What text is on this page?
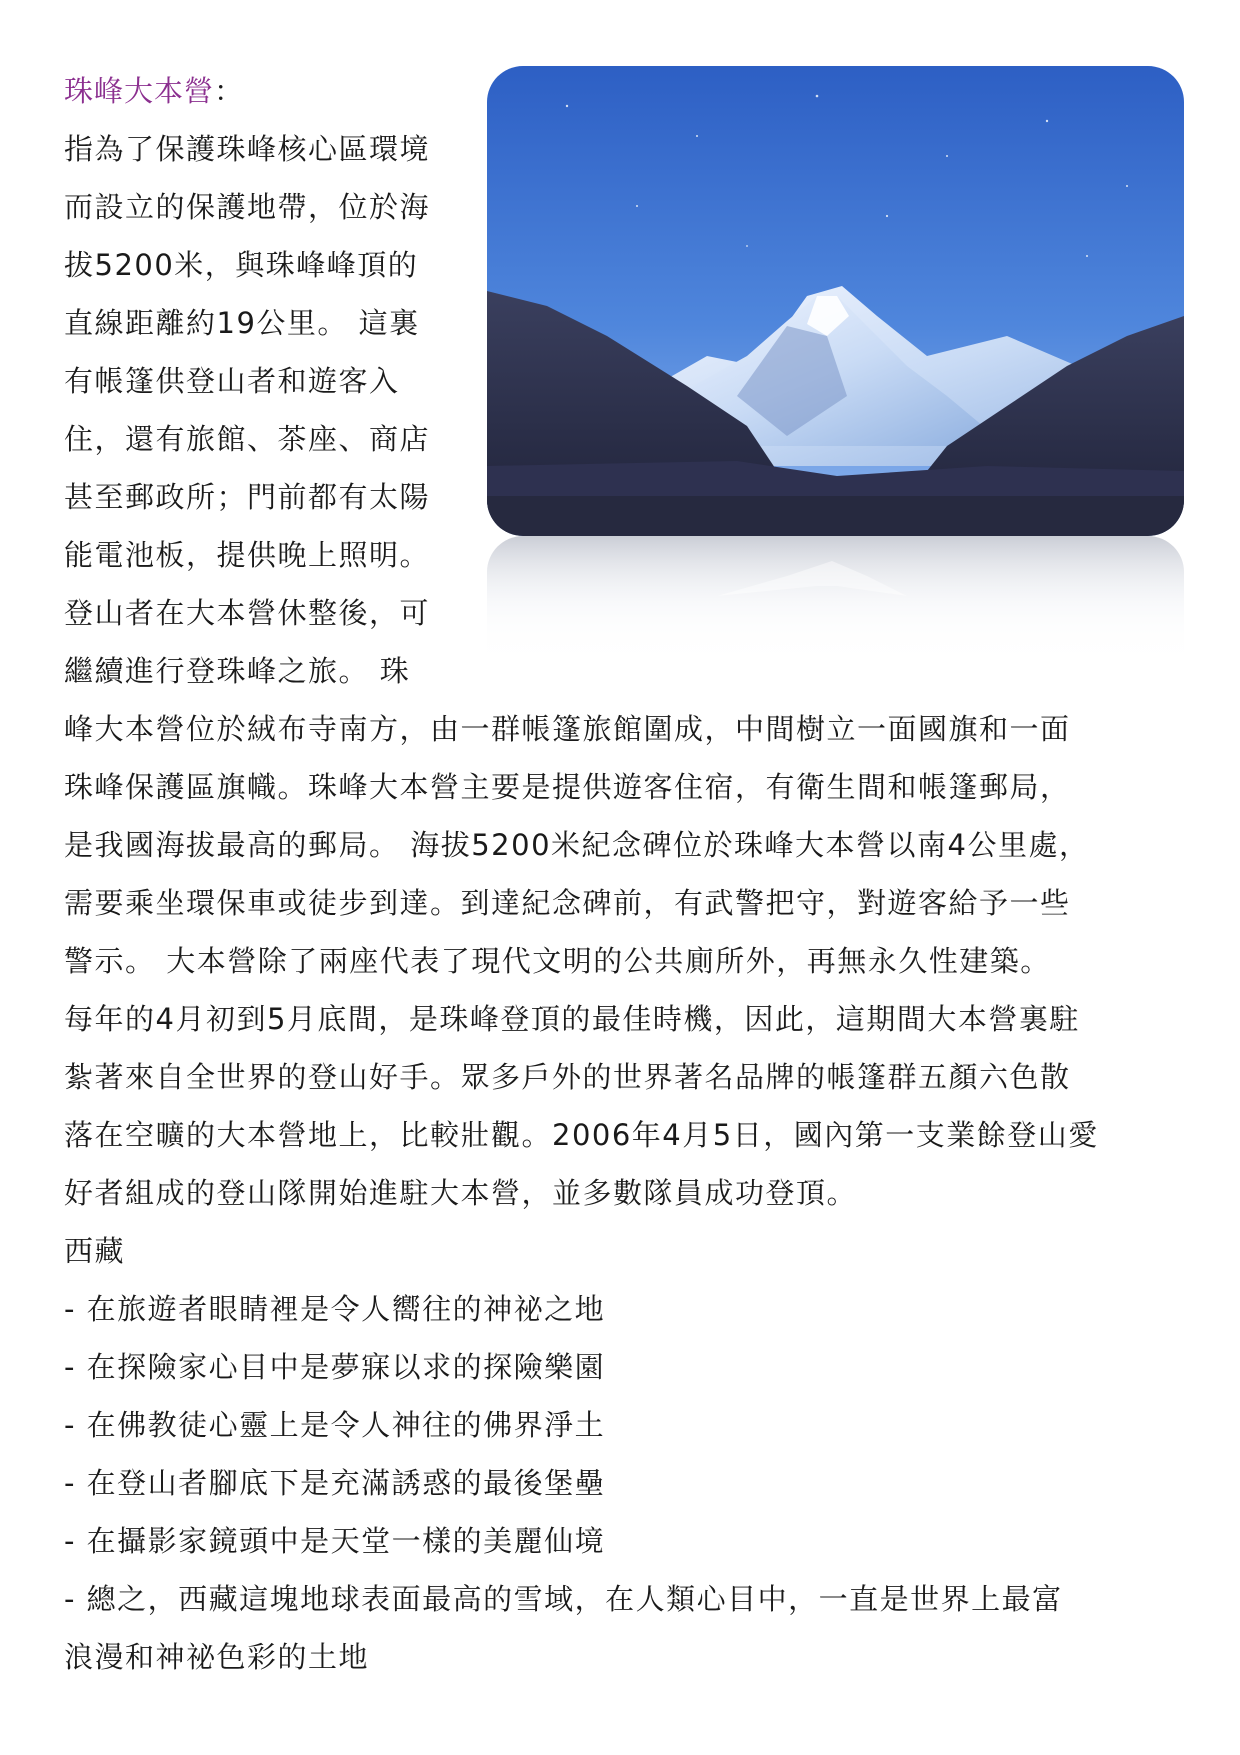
珠峰大本營：
指為了保護珠峰核心區環境
而設立的保護地帶，位於海
拔5200米，與珠峰峰頂的
直線距離約19公里。 這裏
有帳篷供登山者和遊客入
住，還有旅館、茶座、商店
甚至郵政所；門前都有太陽
能電池板，提供晚上照明。
登山者在大本營休整後，可
繼續進行登珠峰之旅。 珠
峰大本營位於絨布寺南方，由一群帳篷旅館圍成，中間樹立一面國旗和一面
珠峰保護區旗幟。珠峰大本營主要是提供遊客住宿，有衛生間和帳篷郵局，
是我國海拔最高的郵局。 海拔5200米紀念碑位於珠峰大本營以南4公里處，
需要乘坐環保車或徒步到達。到達紀念碑前，有武警把守，對遊客給予一些
警示。 大本營除了兩座代表了現代文明的公共廁所外，再無永久性建築。
每年的4月初到5月底間，是珠峰登頂的最佳時機，因此，這期間大本營裏駐
紮著來自全世界的登山好手。眾多戶外的世界著名品牌的帳篷群五顏六色散
落在空曠的大本營地上，比較壯觀。2006年4月5日，國內第一支業餘登山愛
好者組成的登山隊開始進駐大本營，並多數隊員成功登頂。
西藏
- 在旅遊者眼睛裡是令人嚮往的神祕之地
- 在探險家心目中是夢寐以求的探險樂園
- 在佛教徒心靈上是令人神往的佛界淨土
- 在登山者腳底下是充滿誘惑的最後堡壘
- 在攝影家鏡頭中是天堂一樣的美麗仙境
- 總之，西藏這塊地球表面最高的雪域，在人類心目中，一直是世界上最富
浪漫和神祕色彩的土地
